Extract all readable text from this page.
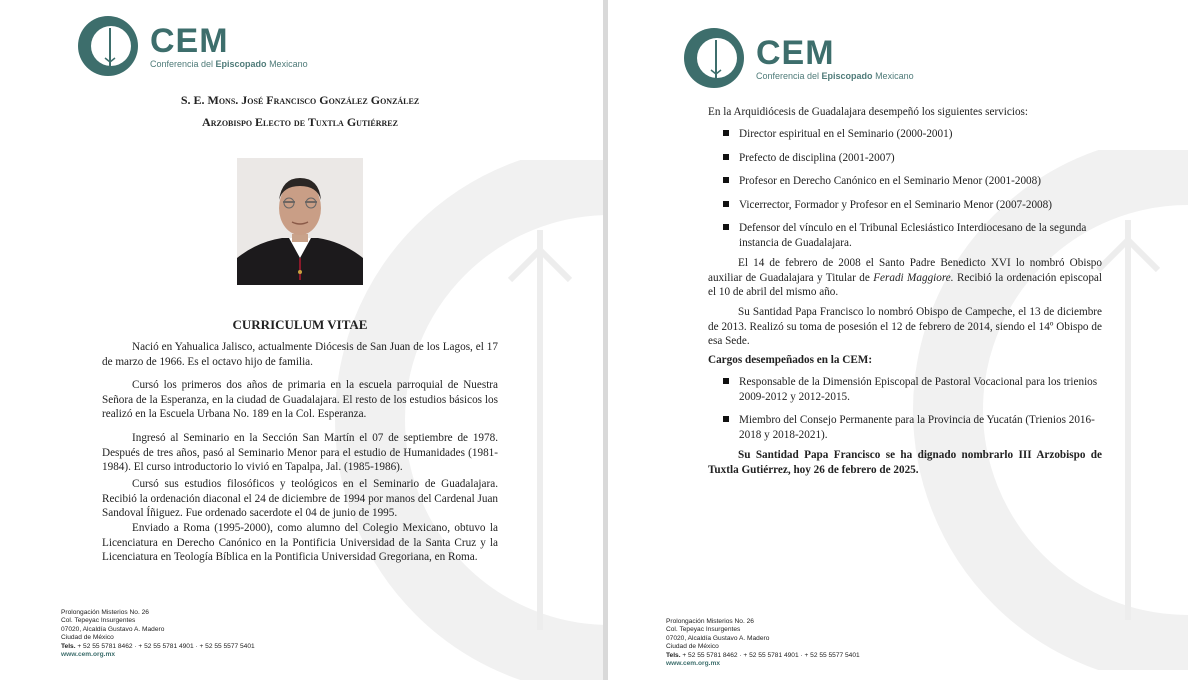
CEM
Conferencia del Episcopado Mexicano
S. E. Mons. José Francisco González González
Arzobispo Electo de Tuxtla Gutiérrez
CURRICULUM VITAE

Nació en Yahualica Jalisco, actualmente Diócesis de San Juan de los Lagos, el 17 de marzo de 1966. Es el octavo hijo de familia.

Cursó los primeros dos años de primaria en la escuela parroquial de Nuestra Señora de la Esperanza, en la ciudad de Guadalajara. El resto de los estudios básicos los realizó en la Escuela Urbana No. 189 en la Col. Esperanza.

Ingresó al Seminario en la Sección San Martín el 07 de septiembre de 1978. Después de tres años, pasó al Seminario Menor para el estudio de Humanidades (1981-1984). El curso introductorio lo vivió en Tapalpa, Jal. (1985-1986).

Cursó sus estudios filosóficos y teológicos en el Seminario de Guadalajara. Recibió la ordenación diaconal el 24 de diciembre de 1994 por manos del Cardenal Juan Sandoval Íñiguez. Fue ordenado sacerdote el 04 de junio de 1995.

Enviado a Roma (1995-2000), como alumno del Colegio Mexicano, obtuvo la Licenciatura en Derecho Canónico en la Pontificia Universidad de la Santa Cruz y la Licenciatura en Teología Bíblica en la Pontificia Universidad Gregoriana, en Roma.

Prolongación Misterios No. 26
Col. Tepeyac Insurgentes
07020, Alcaldía Gustavo A. Madero
Ciudad de México
Tels. + 52 55 5781 8462 · + 52 55 5781 4901 · + 52 55 5577 5401
www.cem.org.mx
CEM
Conferencia del Episcopado Mexicano
En la Arquidiócesis de Guadalajara desempeñó los siguientes servicios:
Director espiritual en el Seminario (2000-2001)
Prefecto de disciplina (2001-2007)
Profesor en Derecho Canónico en el Seminario Menor (2001-2008)
Vicerrector, Formador y Profesor en el Seminario Menor (2007-2008)
Defensor del vínculo en el Tribunal Eclesiástico Interdiocesano de la segunda instancia de Guadalajara.

El 14 de febrero de 2008 el Santo Padre Benedicto XVI lo nombró Obispo auxiliar de Guadalajara y Titular de Feradi Maggiore. Recibió la ordenación episcopal el 10 de abril del mismo año.

Su Santidad Papa Francisco lo nombró Obispo de Campeche, el 13 de diciembre de 2013. Realizó su toma de posesión el 12 de febrero de 2014, siendo el 14º Obispo de esa Sede.

Cargos desempeñados en la CEM:
Responsable de la Dimensión Episcopal de Pastoral Vocacional para los trienios 2009-2012 y 2012-2015.
Miembro del Consejo Permanente para la Provincia de Yucatán (Trienios 2016-2018 y 2018-2021).

Su Santidad Papa Francisco se ha dignado nombrarlo III Arzobispo de Tuxtla Gutiérrez, hoy 26 de febrero de 2025.

Prolongación Misterios No. 26
Col. Tepeyac Insurgentes
07020, Alcaldía Gustavo A. Madero
Ciudad de México
Tels. + 52 55 5781 8462 · + 52 55 5781 4901 · + 52 55 5577 5401
www.cem.org.mx
